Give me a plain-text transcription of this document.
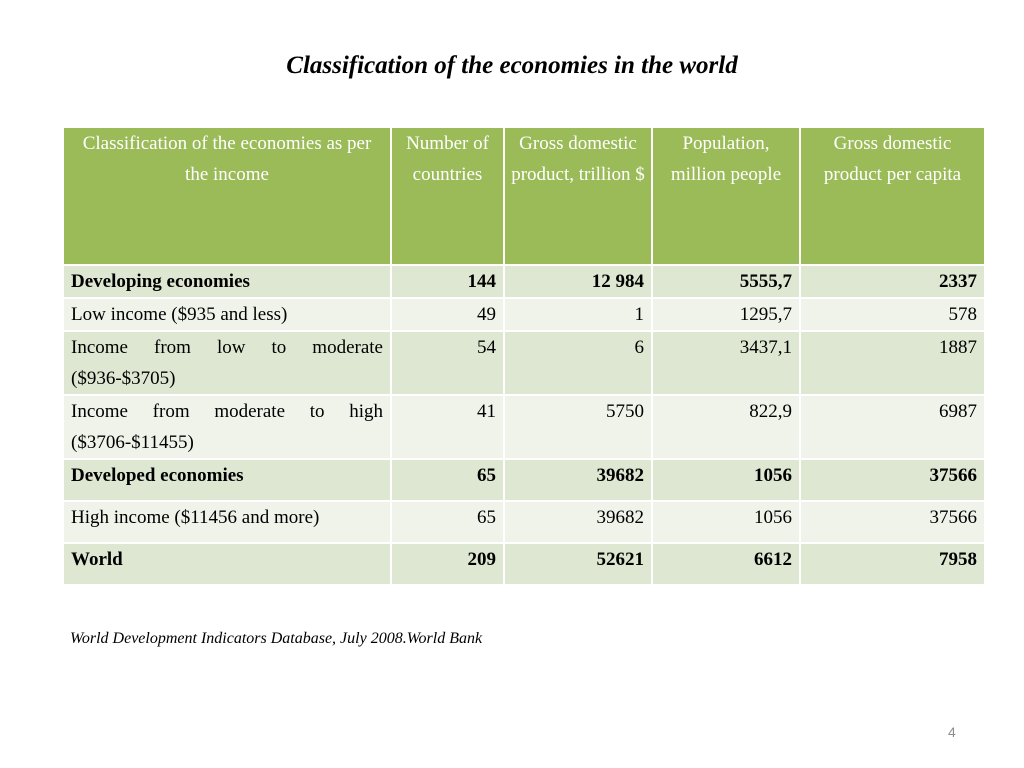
Classification of the economies in the world
Classification of the economies as per the income	Number of countries	Gross domestic product, trillion $	Population, million people	Gross domestic product per capita
Developing economies	144	12 984	5555,7	2337
Low income ($935 and less)	49	1	1295,7	578
Income from low to moderate ($936-$3705)	54	6	3437,1	1887
Income from moderate to high ($3706-$11455)	41	5750	822,9	6987
Developed economies	65	39682	1056	37566
High income ($11456 and more)	65	39682	1056	37566
World	209	52621	6612	7958
World Development Indicators Database, July 2008.World Bank
4
